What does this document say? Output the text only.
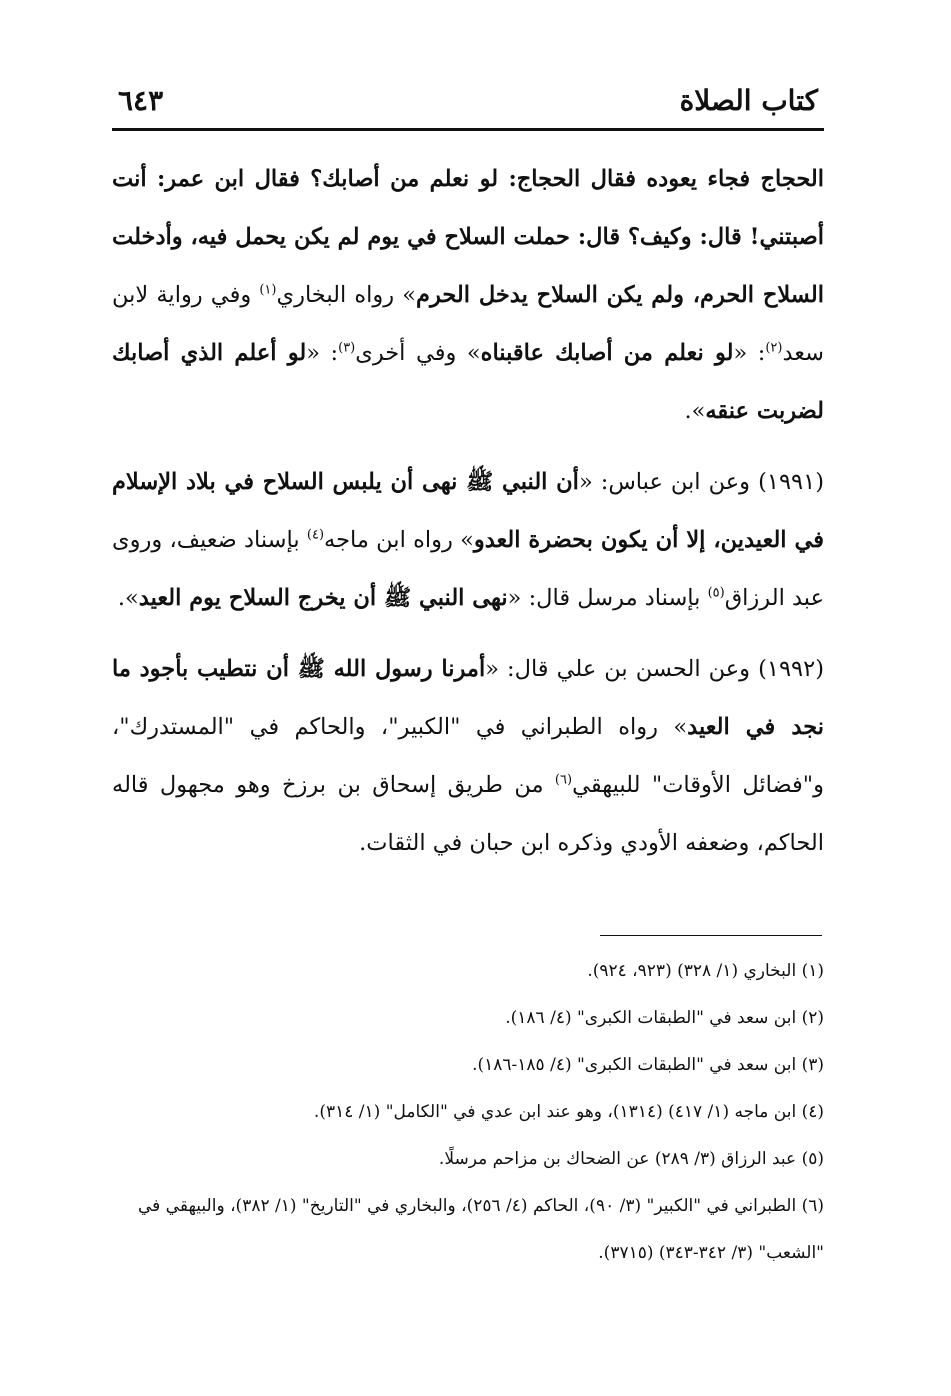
كتاب الصلاة
٦٤٣

الحجاج فجاء يعوده فقال الحجاج: لو نعلم من أصابك؟ فقال ابن عمر: أنت أصبتني! قال: وكيف؟ قال: حملت السلاح في يوم لم يكن يحمل فيه، وأدخلت السلاح الحرم، ولم يكن السلاح يدخل الحرم» رواه البخاري$^{(١)}$ وفي رواية لابن سعد$^{(٢)}$: «لو نعلم من أصابك عاقبناه» وفي أخرى$^{(٣)}$: «لو أعلم الذي أصابك لضربت عنقه».

(١٩٩١) وعن ابن عباس: «أن النبي ﷺ نهى أن يلبس السلاح في بلاد الإسلام في العيدين، إلا أن يكون بحضرة العدو» رواه ابن ماجه$^{(٤)}$ بإسناد ضعيف، وروى عبد الرزاق$^{(٥)}$ بإسناد مرسل قال: «نهى النبي ﷺ أن يخرج السلاح يوم العيد».

(١٩٩٢) وعن الحسن بن علي قال: «أمرنا رسول الله ﷺ أن نتطيب بأجود ما نجد في العيد» رواه الطبراني في "الكبير"، والحاكم في "المستدرك"، و"فضائل الأوقات" للبيهقي$^{(٦)}$ من طريق إسحاق بن برزخ وهو مجهول قاله الحاكم، وضعفه الأودي وذكره ابن حبان في الثقات.

(١) البخاري (١/ ٣٢٨) (٩٢٣، ٩٢٤).

(٢) ابن سعد في "الطبقات الكبرى" (٤/ ١٨٦).

(٣) ابن سعد في "الطبقات الكبرى" (٤/ ١٨٥-١٨٦).

(٤) ابن ماجه (١/ ٤١٧) (١٣١٤)، وهو عند ابن عدي في "الكامل" (١/ ٣١٤).

(٥) عبد الرزاق (٣/ ٢٨٩) عن الضحاك بن مزاحم مرسلًا.

(٦) الطبراني في "الكبير" (٣/ ٩٠)، الحاكم (٤/ ٢٥٦)، والبخاري في "التاريخ" (١/ ٣٨٢)، والبيهقي في "الشعب" (٣/ ٣٤٢-٣٤٣) (٣٧١٥).
